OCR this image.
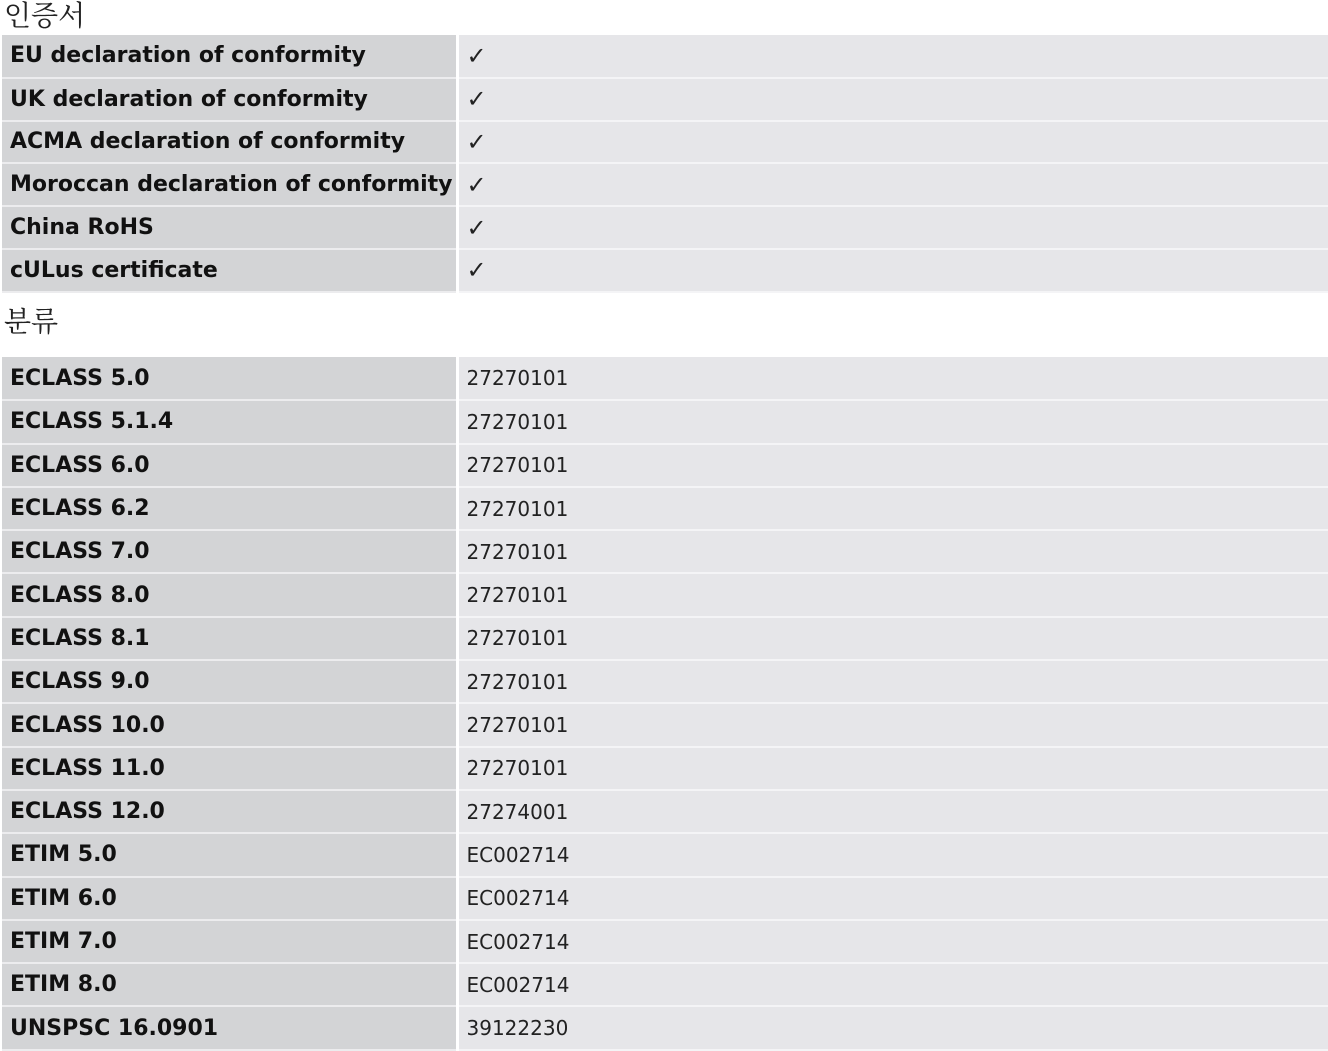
인증서
EU declaration of conformity	✓
UK declaration of conformity	✓
ACMA declaration of conformity	✓
Moroccan declaration of conformity	✓
China RoHS	✓
cULus certificate	✓
분류
ECLASS 5.0	27270101
ECLASS 5.1.4	27270101
ECLASS 6.0	27270101
ECLASS 6.2	27270101
ECLASS 7.0	27270101
ECLASS 8.0	27270101
ECLASS 8.1	27270101
ECLASS 9.0	27270101
ECLASS 10.0	27270101
ECLASS 11.0	27270101
ECLASS 12.0	27274001
ETIM 5.0	EC002714
ETIM 6.0	EC002714
ETIM 7.0	EC002714
ETIM 8.0	EC002714
UNSPSC 16.0901	39122230
